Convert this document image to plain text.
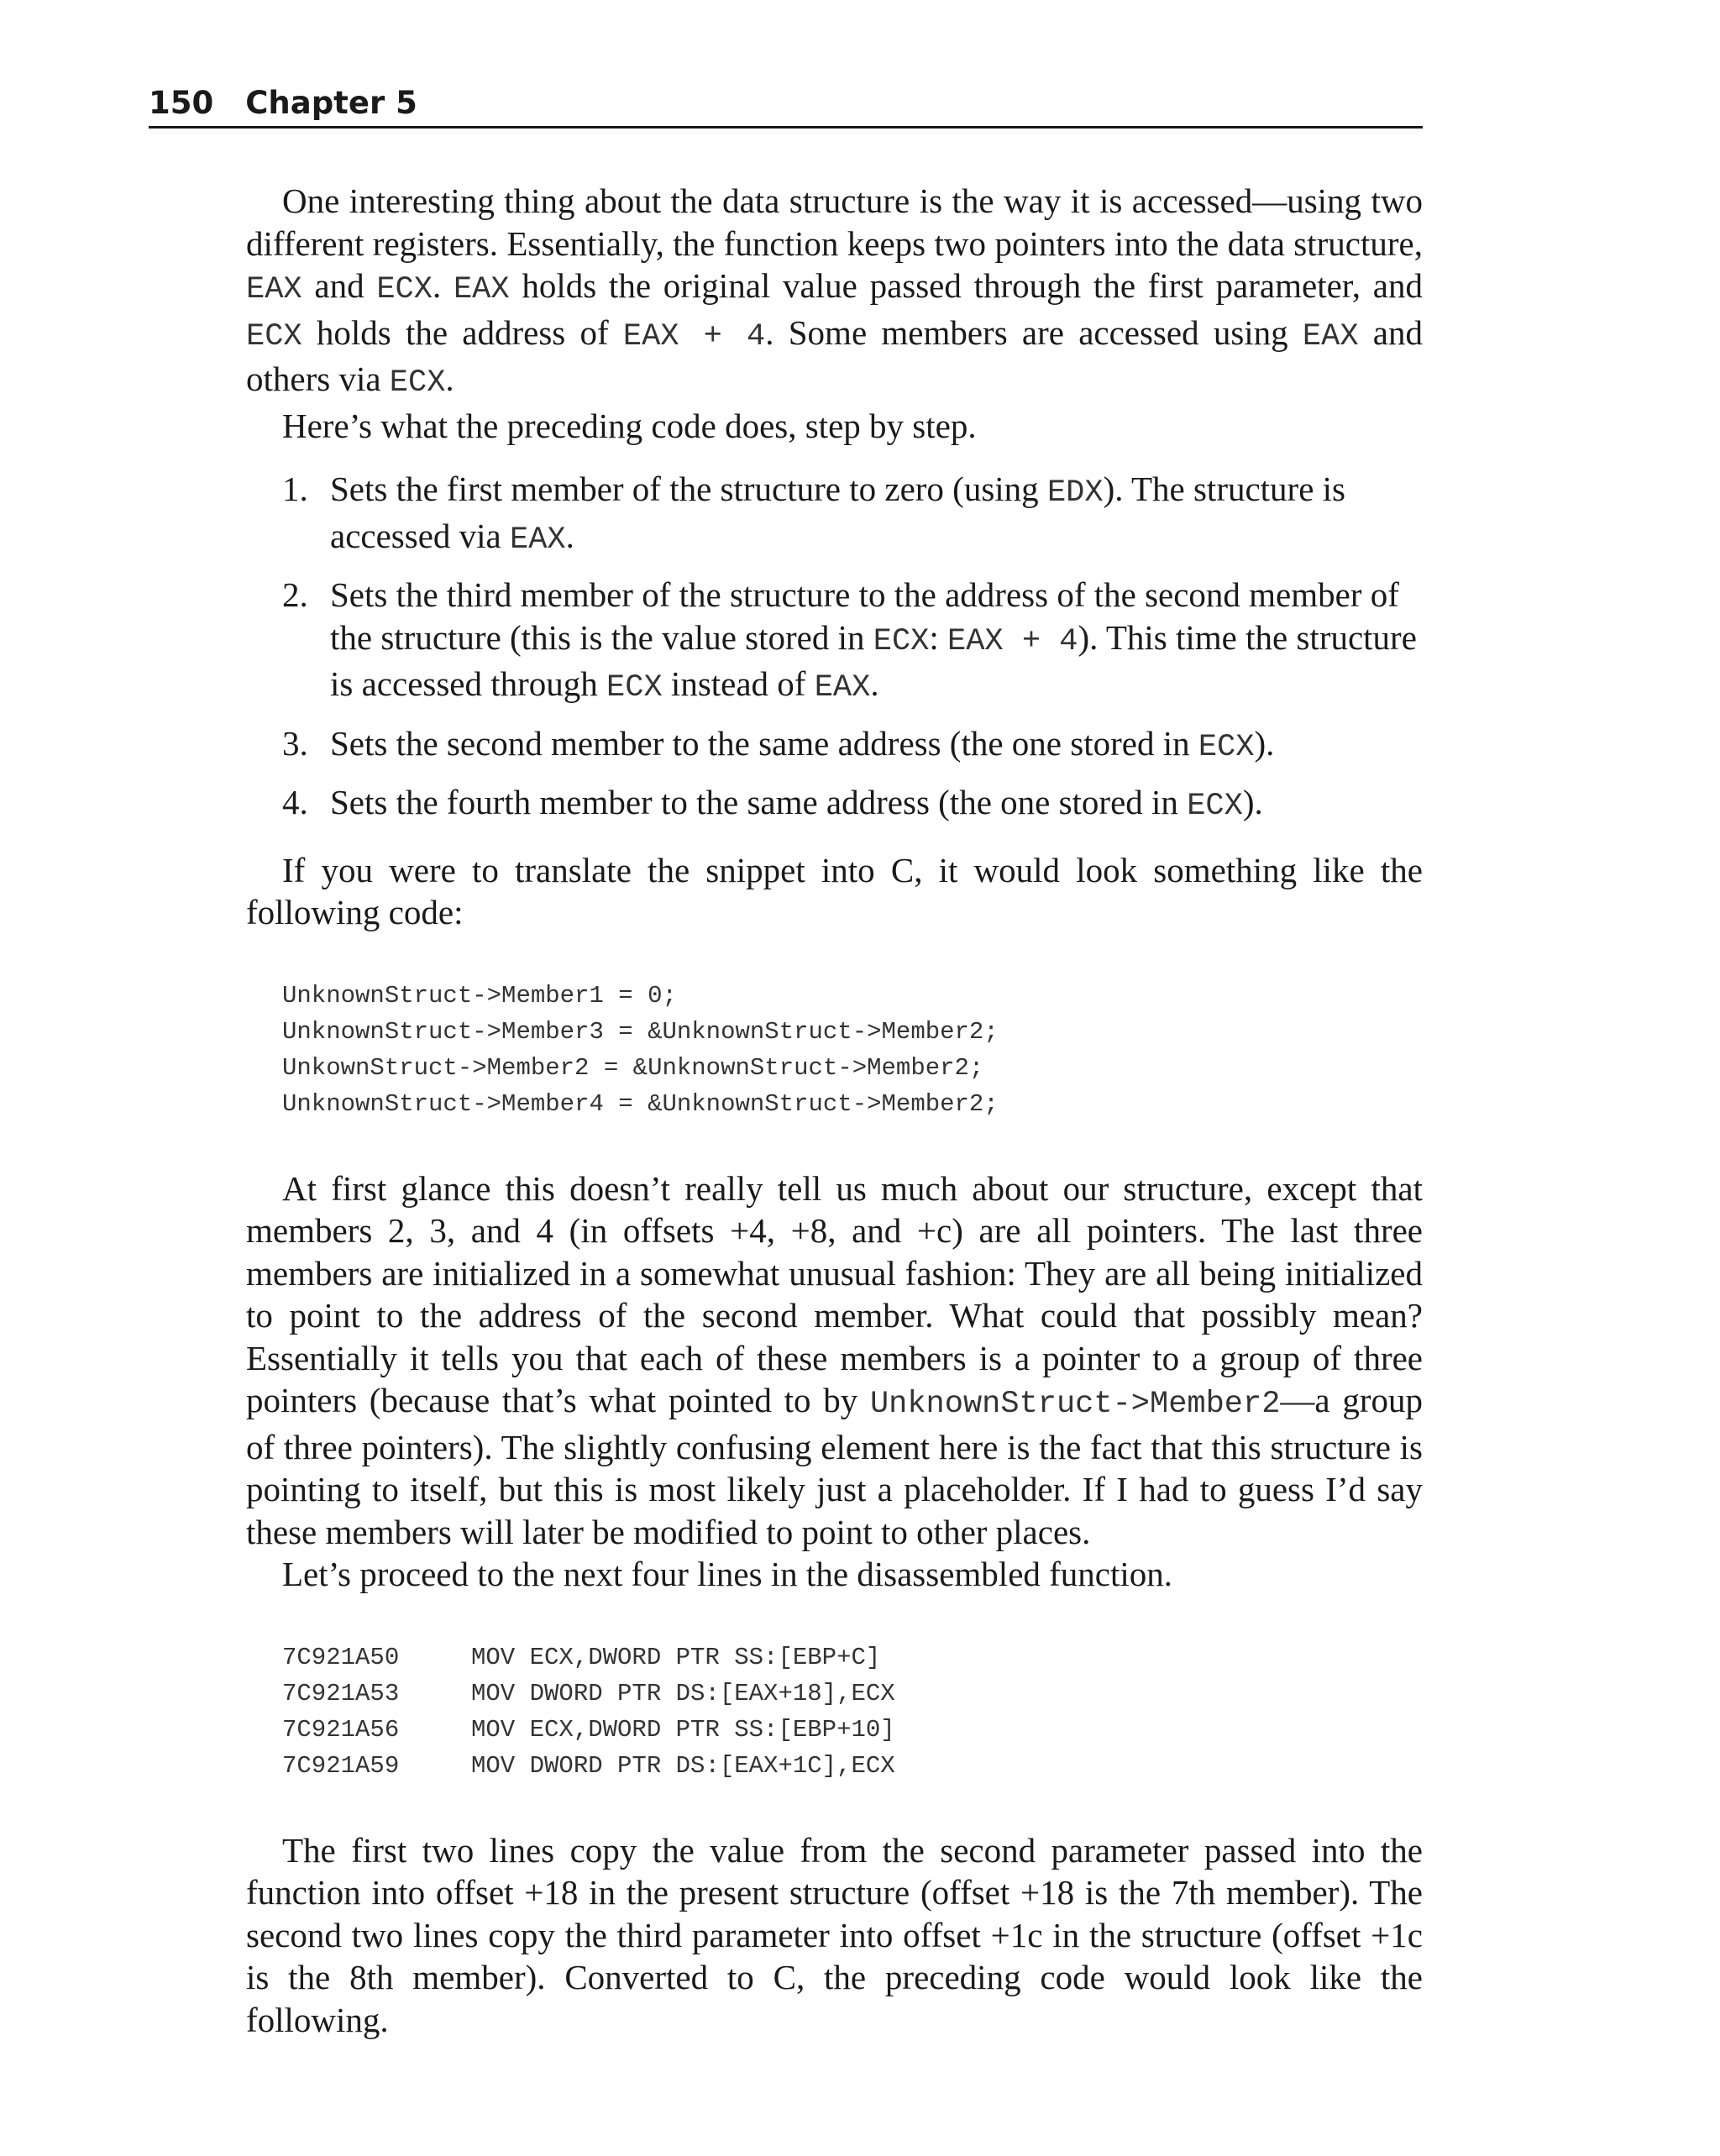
150 Chapter 5

One interesting thing about the data structure is the way it is accessed—using two different registers. Essentially, the function keeps two pointers into the data structure, EAX and ECX. EAX holds the original value passed through the first parameter, and ECX holds the address of EAX + 4. Some members are accessed using EAX and others via ECX.

Here’s what the preceding code does, step by step.

1. Sets the first member of the structure to zero (using EDX). The structure is accessed via EAX.
2. Sets the third member of the structure to the address of the second member of the structure (this is the value stored in ECX: EAX + 4). This time the structure is accessed through ECX instead of EAX.
3. Sets the second member to the same address (the one stored in ECX).
4. Sets the fourth member to the same address (the one stored in ECX).

If you were to translate the snippet into C, it would look something like the following code:

UnknownStruct->Member1 = 0;
UnknownStruct->Member3 = &UnknownStruct->Member2;
UnkownStruct->Member2 = &UnknownStruct->Member2;
UnknownStruct->Member4 = &UnknownStruct->Member2;

At first glance this doesn’t really tell us much about our structure, except that members 2, 3, and 4 (in offsets +4, +8, and +c) are all pointers. The last three members are initialized in a somewhat unusual fashion: They are all being initialized to point to the address of the second member. What could that possibly mean? Essentially it tells you that each of these members is a pointer to a group of three pointers (because that’s what pointed to by UnknownStruct->Member2—a group of three pointers). The slightly confusing element here is the fact that this structure is pointing to itself, but this is most likely just a placeholder. If I had to guess I’d say these members will later be modified to point to other places.

Let’s proceed to the next four lines in the disassembled function.

7C921A50	MOV ECX,DWORD PTR SS:[EBP+C]
7C921A53	MOV DWORD PTR DS:[EAX+18],ECX
7C921A56	MOV ECX,DWORD PTR SS:[EBP+10]
7C921A59	MOV DWORD PTR DS:[EAX+1C],ECX

The first two lines copy the value from the second parameter passed into the function into offset +18 in the present structure (offset +18 is the 7th member). The second two lines copy the third parameter into offset +1c in the structure (offset +1c is the 8th member). Converted to C, the preceding code would look like the following.
